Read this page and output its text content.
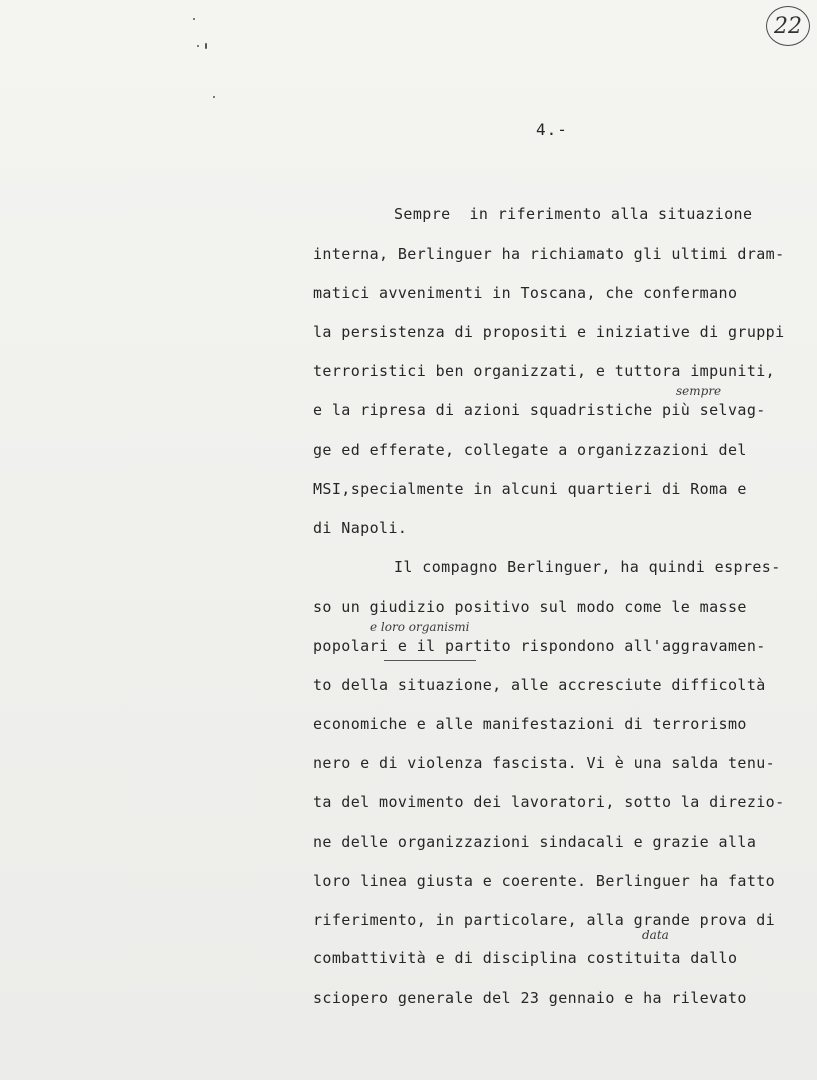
22
4.-
Sempre  in riferimento alla situazione
interna, Berlinguer ha richiamato gli ultimi dram-
matici avvenimenti in Toscana, che confermano
la persistenza di propositi e iniziative di gruppi
terroristici ben organizzati, e tuttora impuniti,
sempre
e la ripresa di azioni squadristiche più selvag-
ge ed efferate, collegate a organizzazioni del
MSI,specialmente in alcuni quartieri di Roma e
di Napoli.
Il compagno Berlinguer, ha quindi espres-
so un giudizio positivo sul modo come le masse
e loro organismi
popolari e il partito rispondono all'aggravamen-
to della situazione, alle accresciute difficoltà
economiche e alle manifestazioni di terrorismo
nero e di violenza fascista. Vi è una salda tenu-
ta del movimento dei lavoratori, sotto la direzio-
ne delle organizzazioni sindacali e grazie alla
loro linea giusta e coerente. Berlinguer ha fatto
riferimento, in particolare, alla grande prova di
data
combattività e di disciplina costituita dallo
sciopero generale del 23 gennaio e ha rilevato
